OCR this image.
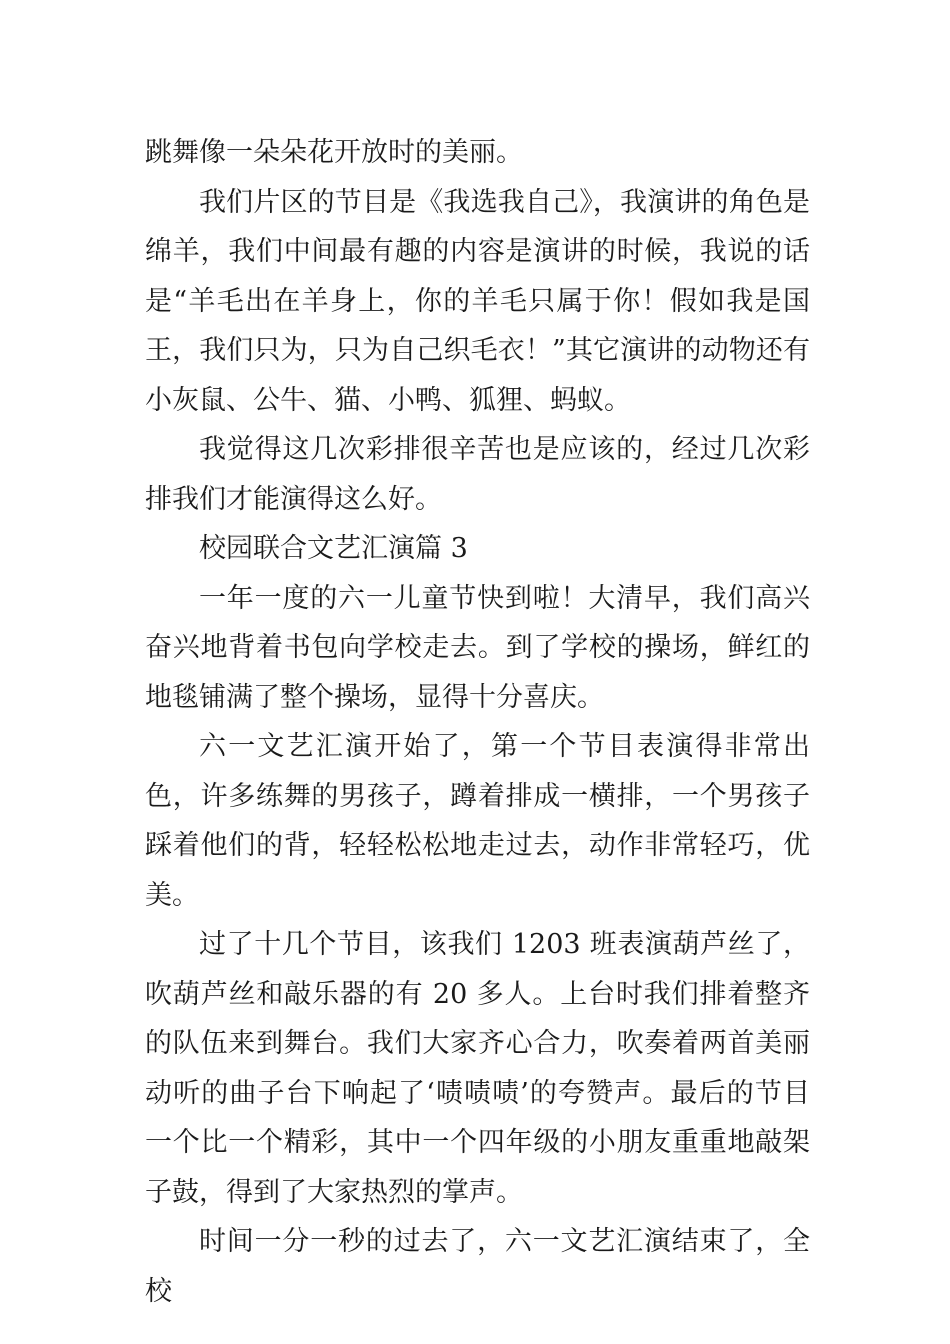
跳舞像一朵朵花开放时的美丽。

我们片区的节目是《我选我自己》，我演讲的角色是绵羊，我们中间最有趣的内容是演讲的时候，我说的话是“羊毛出在羊身上，你的羊毛只属于你！假如我是国王，我们只为，只为自己织毛衣！”其它演讲的动物还有小灰鼠、公牛、猫、小鸭、狐狸、蚂蚁。

我觉得这几次彩排很辛苦也是应该的，经过几次彩排我们才能演得这么好。

校园联合文艺汇演篇 3

一年一度的六一儿童节快到啦！大清早，我们高兴奋兴地背着书包向学校走去。到了学校的操场，鲜红的地毯铺满了整个操场，显得十分喜庆。

六一文艺汇演开始了，第一个节目表演得非常出色，许多练舞的男孩子，蹲着排成一横排，一个男孩子踩着他们的背，轻轻松松地走过去，动作非常轻巧，优美。

过了十几个节目，该我们 1203 班表演葫芦丝了，吹葫芦丝和敲乐器的有 20 多人。上台时我们排着整齐的队伍来到舞台。我们大家齐心合力，吹奏着两首美丽动听的曲子台下响起了‘啧啧啧’的夸赞声。最后的节目一个比一个精彩，其中一个四年级的小朋友重重地敲架子鼓，得到了大家热烈的掌声。

时间一分一秒的过去了，六一文艺汇演结束了，全校
